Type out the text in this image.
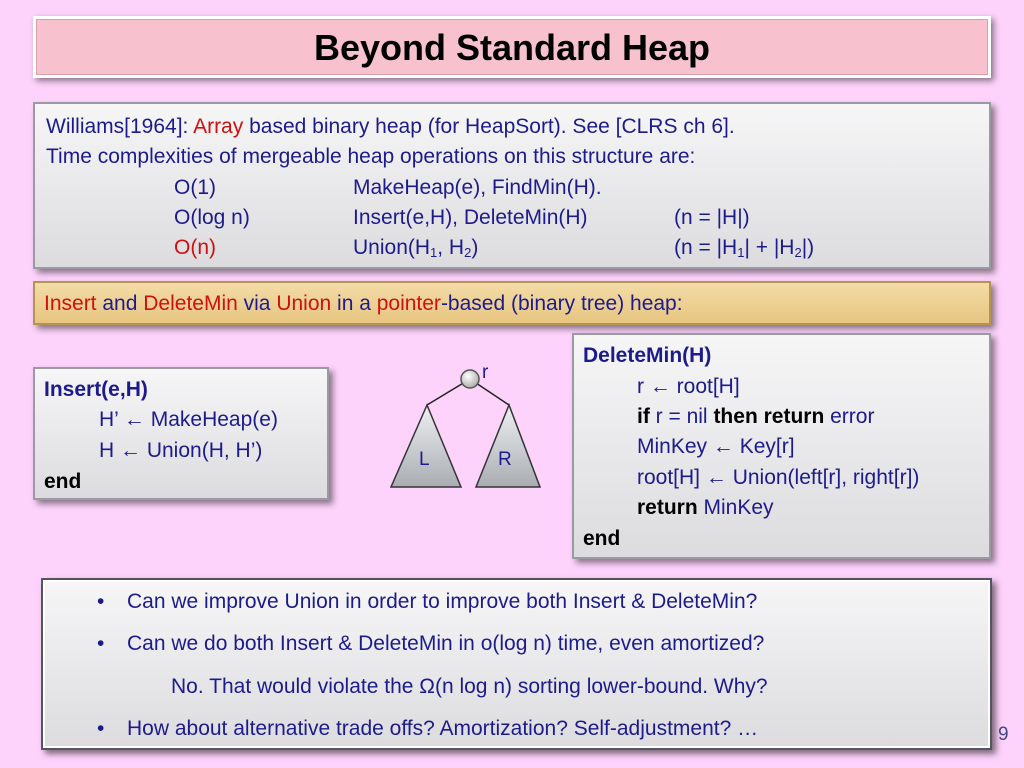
Beyond Standard Heap
Williams[1964]: Array based binary heap (for HeapSort). See [CLRS ch 6].
Time complexities of mergeable heap operations on this structure are:
O(1)	MakeHeap(e), FindMin(H).
O(log n)	Insert(e,H), DeleteMin(H)	(n = |H|)
O(n)	$Union(H_1$, $H_2$)	$(n = |H_1| + |H_2|)$
Insert and DeleteMin via Union in a pointer-based (binary tree) heap:
Insert(e,H)
H’ ← MakeHeap(e)
H ← Union(H, H’)
end
r
L	R
DeleteMin(H)
r ← root[H]
if r = nil then return error
MinKey ← Key[r]
root[H] ← Union(left[r], right[r])
return MinKey
end
• Can we improve Union in order to improve both Insert & DeleteMin?
• Can we do both Insert & DeleteMin in o(log n) time, even amortized?
No. That would violate the Ω(n log n) sorting lower-bound. Why?
• How about alternative trade offs? Amortization? Self-adjustment? …	9
